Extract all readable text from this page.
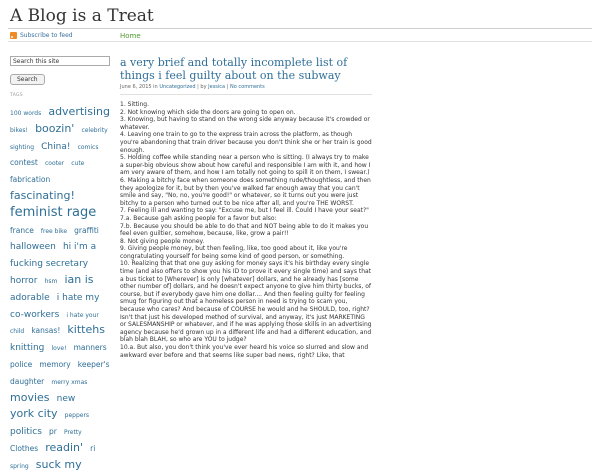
A Blog is a Treat
Subscribe to feed	Home
Search this site Search
TAGS
100 words advertising bikes! boozin' celebrity sighting China! comics contest cooter cute fabrication fascinating! feminist rage france free bike graffiti halloween hi i'm a fucking secretary horror hsm ian is adorable i hate my co-workers i hate your child kansas! kittehs knitting love! manners police memory keeper's daughter merry xmas movies new york city peppers politics pr Pretty Clothes readin' ri spring suck my
a very brief and totally incomplete list of things i feel guilty about on the subway
June 6, 2015 in Uncategorized | by Jessica | No comments

1. Sitting.

2. Not knowing which side the doors are going to open on.

3. Knowing, but having to stand on the wrong side anyway because it's crowded or whatever.

4. Leaving one train to go to the express train across the platform, as though you're abandoning that train driver because you don't think she or her train is good enough.

5. Holding coffee while standing near a person who is sitting. (I always try to make a super-big obvious show about how careful and responsible I am with it, and how I am very aware of them, and how I am totally not going to spill it on them, I swear.)

6. Making a bitchy face when someone does something rude/thoughtless, and then they apologize for it, but by then you've walked far enough away that you can't smile and say, "No, no, you're good!" or whatever, so it turns out you were just bitchy to a person who turned out to be nice after all, and you're THE WORST.

7. Feeling ill and wanting to say: "Excuse me, but I feel ill. Could I have your seat?"

7.a. Because gah asking people for a favor but also:

7.b. Because you should be able to do that and NOT being able to do it makes you feel even guiltier, somehow, because, like, grow a pair!!

8. Not giving people money.

9. Giving people money, but then feeling, like, too good about it, like you're congratulating yourself for being some kind of good person, or something.

10. Realizing that that one guy asking for money says it's his birthday every single time (and also offers to show you his ID to prove it every single time) and says that a bus ticket to [Wherever] is only [whatever] dollars, and he already has [some other number of] dollars, and he doesn't expect anyone to give him thirty bucks, of course, but if everybody gave him one dollar.... And then feeling guilty for feeling smug for figuring out that a homeless person in need is trying to scam you, because who cares? And because of COURSE he would and he SHOULD, too, right? Isn't that just his developed method of survival, and anyway, it's just MARKETING or SALESMANSHIP or whatever, and if he was applying those skills in an advertising agency because he'd grown up in a different life and had a different education, and blah blah BLAH, so who are YOU to judge?

10.a. But also, you don't think you've ever heard his voice so slurred and slow and awkward ever before and that seems like super bad news, right? Like, that
